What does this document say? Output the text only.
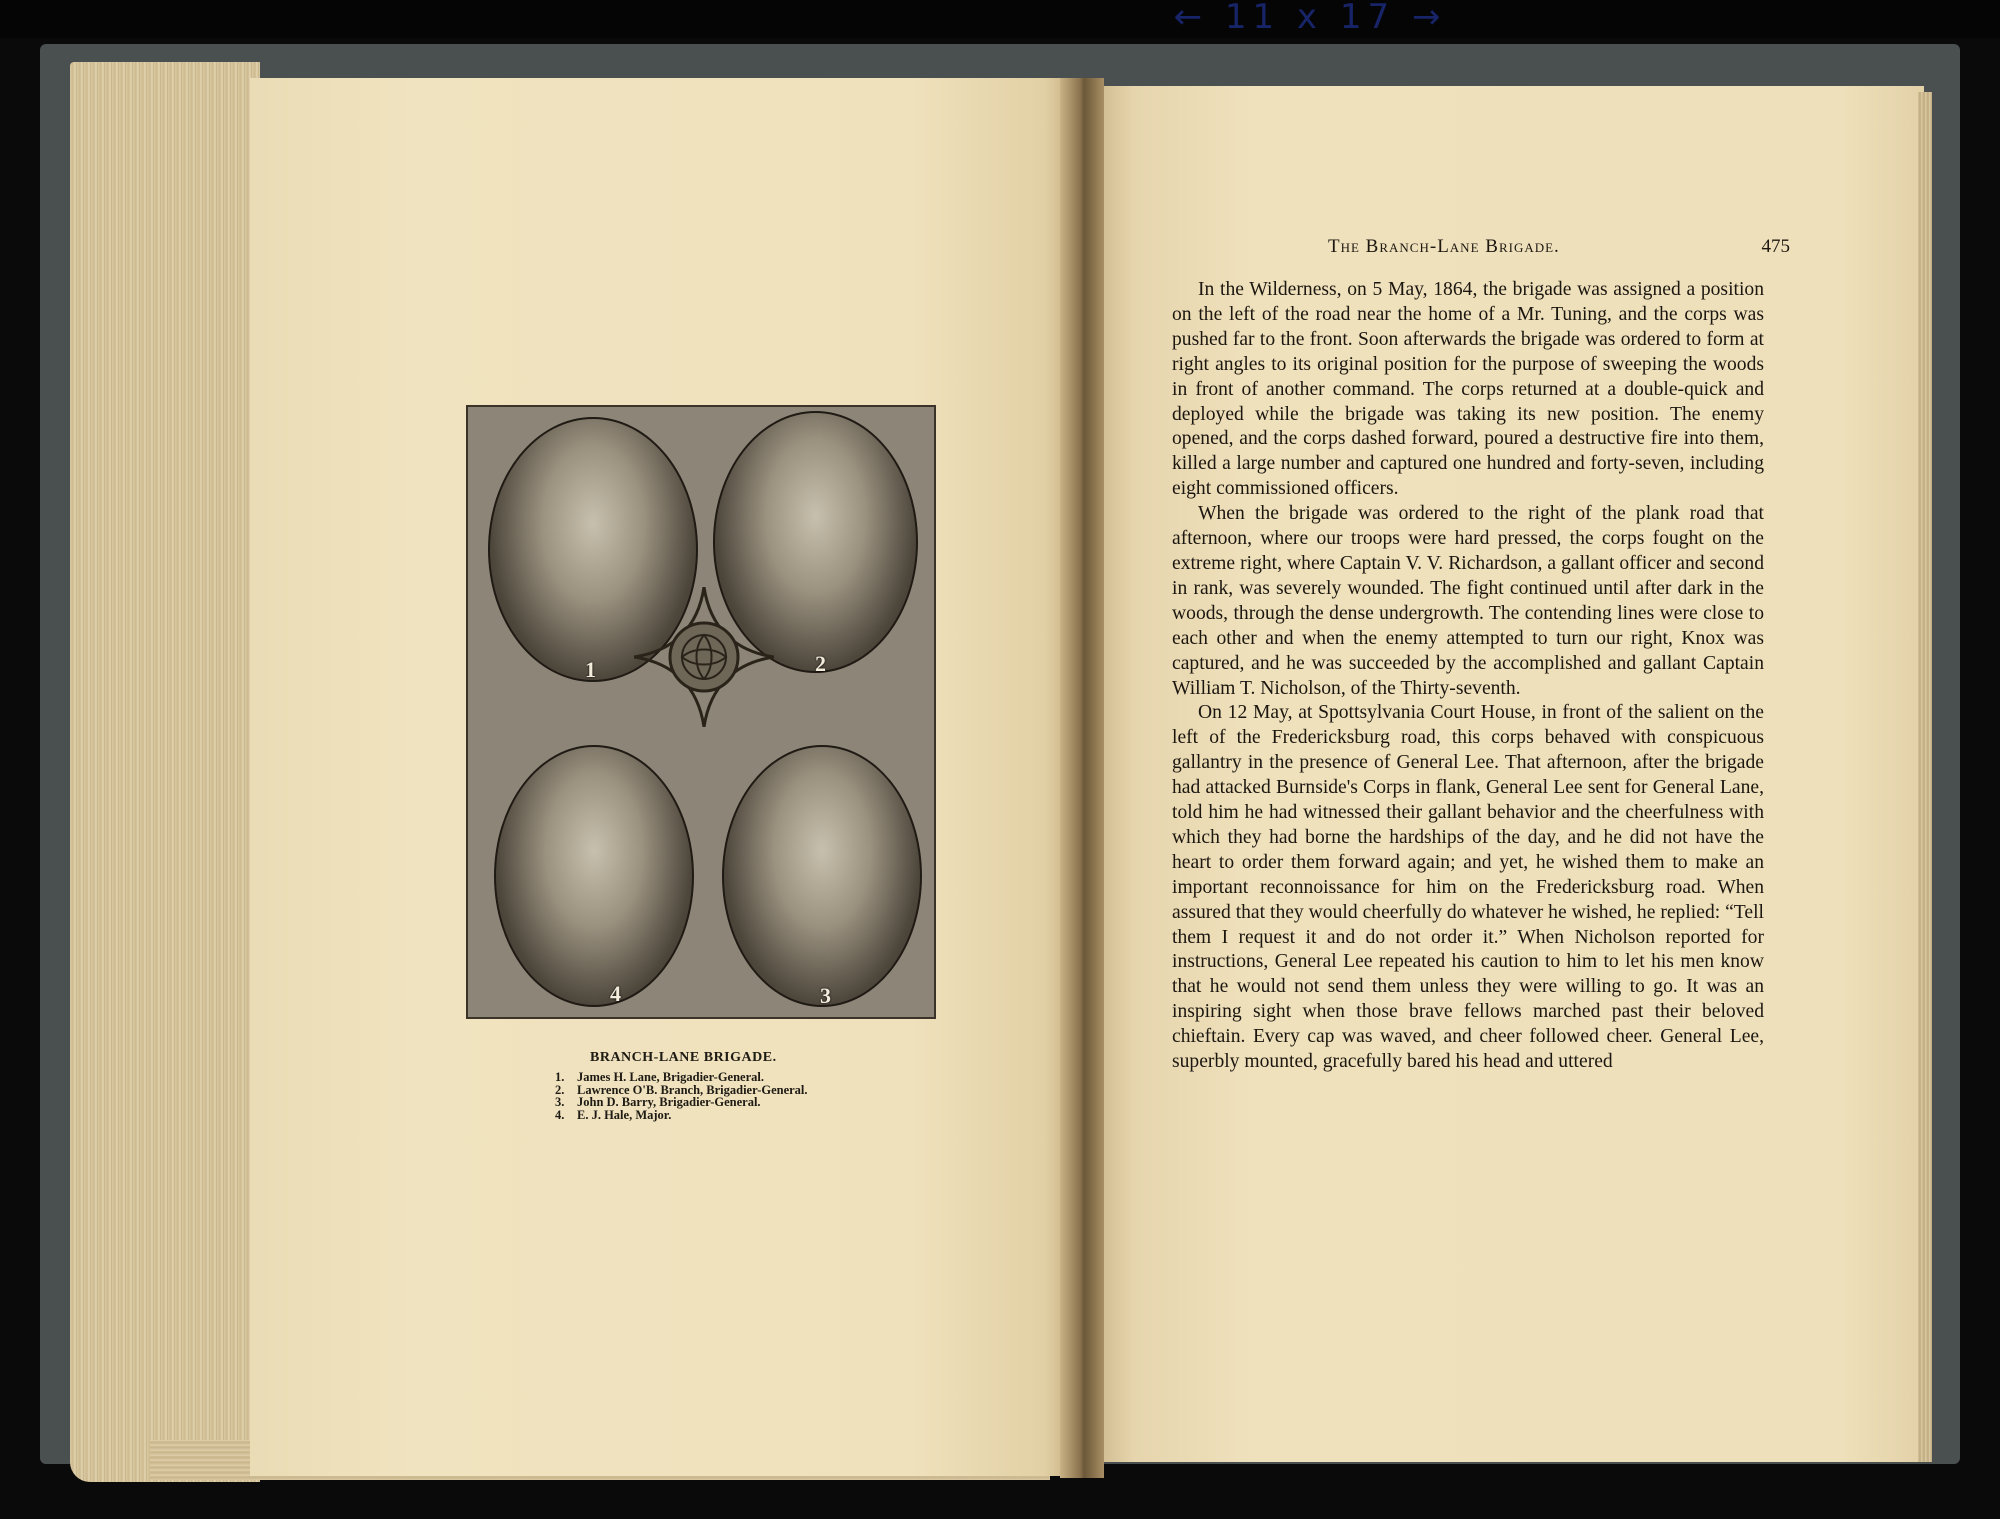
← 11 x 17 →
1	2
4	3
BRANCH-LANE BRIGADE.
1. James H. Lane, Brigadier-General.
2. Lawrence O'B. Branch, Brigadier-General.
3. John D. Barry, Brigadier-General.
4. E. J. Hale, Major.
The Branch-Lane Brigade.	475

In the Wilderness, on 5 May, 1864, the brigade was assigned a position on the left of the road near the home of a Mr. Tuning, and the corps was pushed far to the front. Soon afterwards the brigade was ordered to form at right angles to its original position for the purpose of sweeping the woods in front of another command. The corps returned at a double-quick and deployed while the brigade was taking its new position. The enemy opened, and the corps dashed forward, poured a destructive fire into them, killed a large number and captured one hundred and forty-seven, including eight commissioned officers.

When the brigade was ordered to the right of the plank road that afternoon, where our troops were hard pressed, the corps fought on the extreme right, where Captain V. V. Richardson, a gallant officer and second in rank, was severely wounded. The fight continued until after dark in the woods, through the dense undergrowth. The contending lines were close to each other and when the enemy attempted to turn our right, Knox was captured, and he was succeeded by the accomplished and gallant Captain William T. Nicholson, of the Thirty-seventh.

On 12 May, at Spottsylvania Court House, in front of the salient on the left of the Fredericksburg road, this corps behaved with conspicuous gallantry in the presence of General Lee. That afternoon, after the brigade had attacked Burnside's Corps in flank, General Lee sent for General Lane, told him he had witnessed their gallant behavior and the cheerfulness with which they had borne the hardships of the day, and he did not have the heart to order them forward again; and yet, he wished them to make an important reconnoissance for him on the Fredericksburg road. When assured that they would cheerfully do whatever he wished, he replied: “Tell them I request it and do not order it.” When Nicholson reported for instructions, General Lee repeated his caution to him to let his men know that he would not send them unless they were willing to go. It was an inspiring sight when those brave fellows marched past their beloved chieftain. Every cap was waved, and cheer followed cheer. General Lee, superbly mounted, gracefully bared his head and uttered
